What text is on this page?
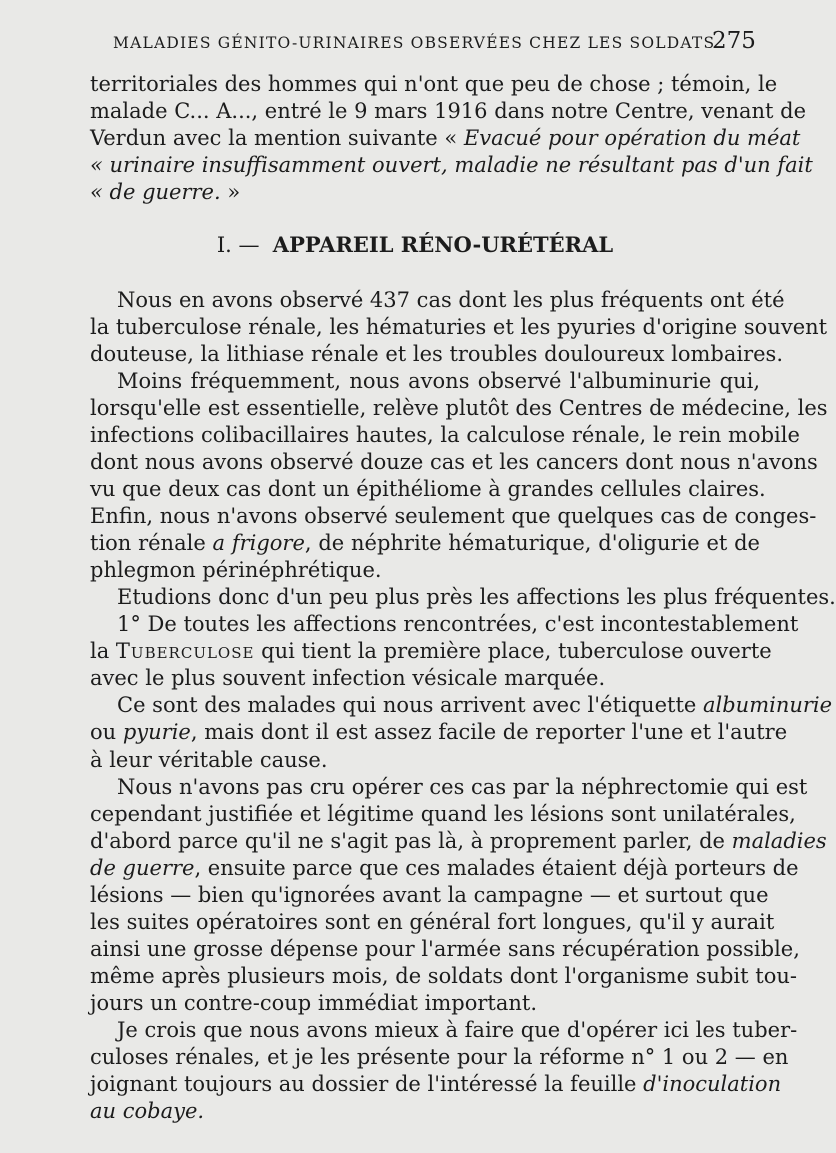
MALADIES GÉNITO-URINAIRES OBSERVÉES CHEZ LES SOLDATS
275
I. — APPAREIL RÉNO-URÉTÉRAL
territoriales des hommes qui n'ont que peu de chose ; témoin, le
malade C... A..., entré le 9 mars 1916 dans notre Centre, venant de
Verdun avec la mention suivante « Evacué pour opération du méat
« urinaire insuffisamment ouvert, maladie ne résultant pas d'un fait
« de guerre. »
Nous en avons observé 437 cas dont les plus fréquents ont été
la tuberculose rénale, les hématuries et les pyuries d'origine souvent
douteuse, la lithiase rénale et les troubles douloureux lombaires.
Moins fréquemment, nous avons observé l'albuminurie qui,
lorsqu'elle est essentielle, relève plutôt des Centres de médecine, les
infections colibacillaires hautes, la calculose rénale, le rein mobile
dont nous avons observé douze cas et les cancers dont nous n'avons
vu que deux cas dont un épithéliome à grandes cellules claires.
Enfin, nous n'avons observé seulement que quelques cas de conges-
tion rénale a frigore, de néphrite hématurique, d'oligurie et de
phlegmon périnéphrétique.
Etudions donc d'un peu plus près les affections les plus fréquentes.
1° De toutes les affections rencontrées, c'est incontestablement
la Tuberculose qui tient la première place, tuberculose ouverte
avec le plus souvent infection vésicale marquée.
Ce sont des malades qui nous arrivent avec l'étiquette albuminurie
ou pyurie, mais dont il est assez facile de reporter l'une et l'autre
à leur véritable cause.
Nous n'avons pas cru opérer ces cas par la néphrectomie qui est
cependant justifiée et légitime quand les lésions sont unilatérales,
d'abord parce qu'il ne s'agit pas là, à proprement parler, de maladies
de guerre, ensuite parce que ces malades étaient déjà porteurs de
lésions — bien qu'ignorées avant la campagne — et surtout que
les suites opératoires sont en général fort longues, qu'il y aurait
ainsi une grosse dépense pour l'armée sans récupération possible,
même après plusieurs mois, de soldats dont l'organisme subit tou-
jours un contre-coup immédiat important.
Je crois que nous avons mieux à faire que d'opérer ici les tuber-
culoses rénales, et je les présente pour la réforme n° 1 ou 2 — en
joignant toujours au dossier de l'intéressé la feuille d'inoculation
au cobaye.
